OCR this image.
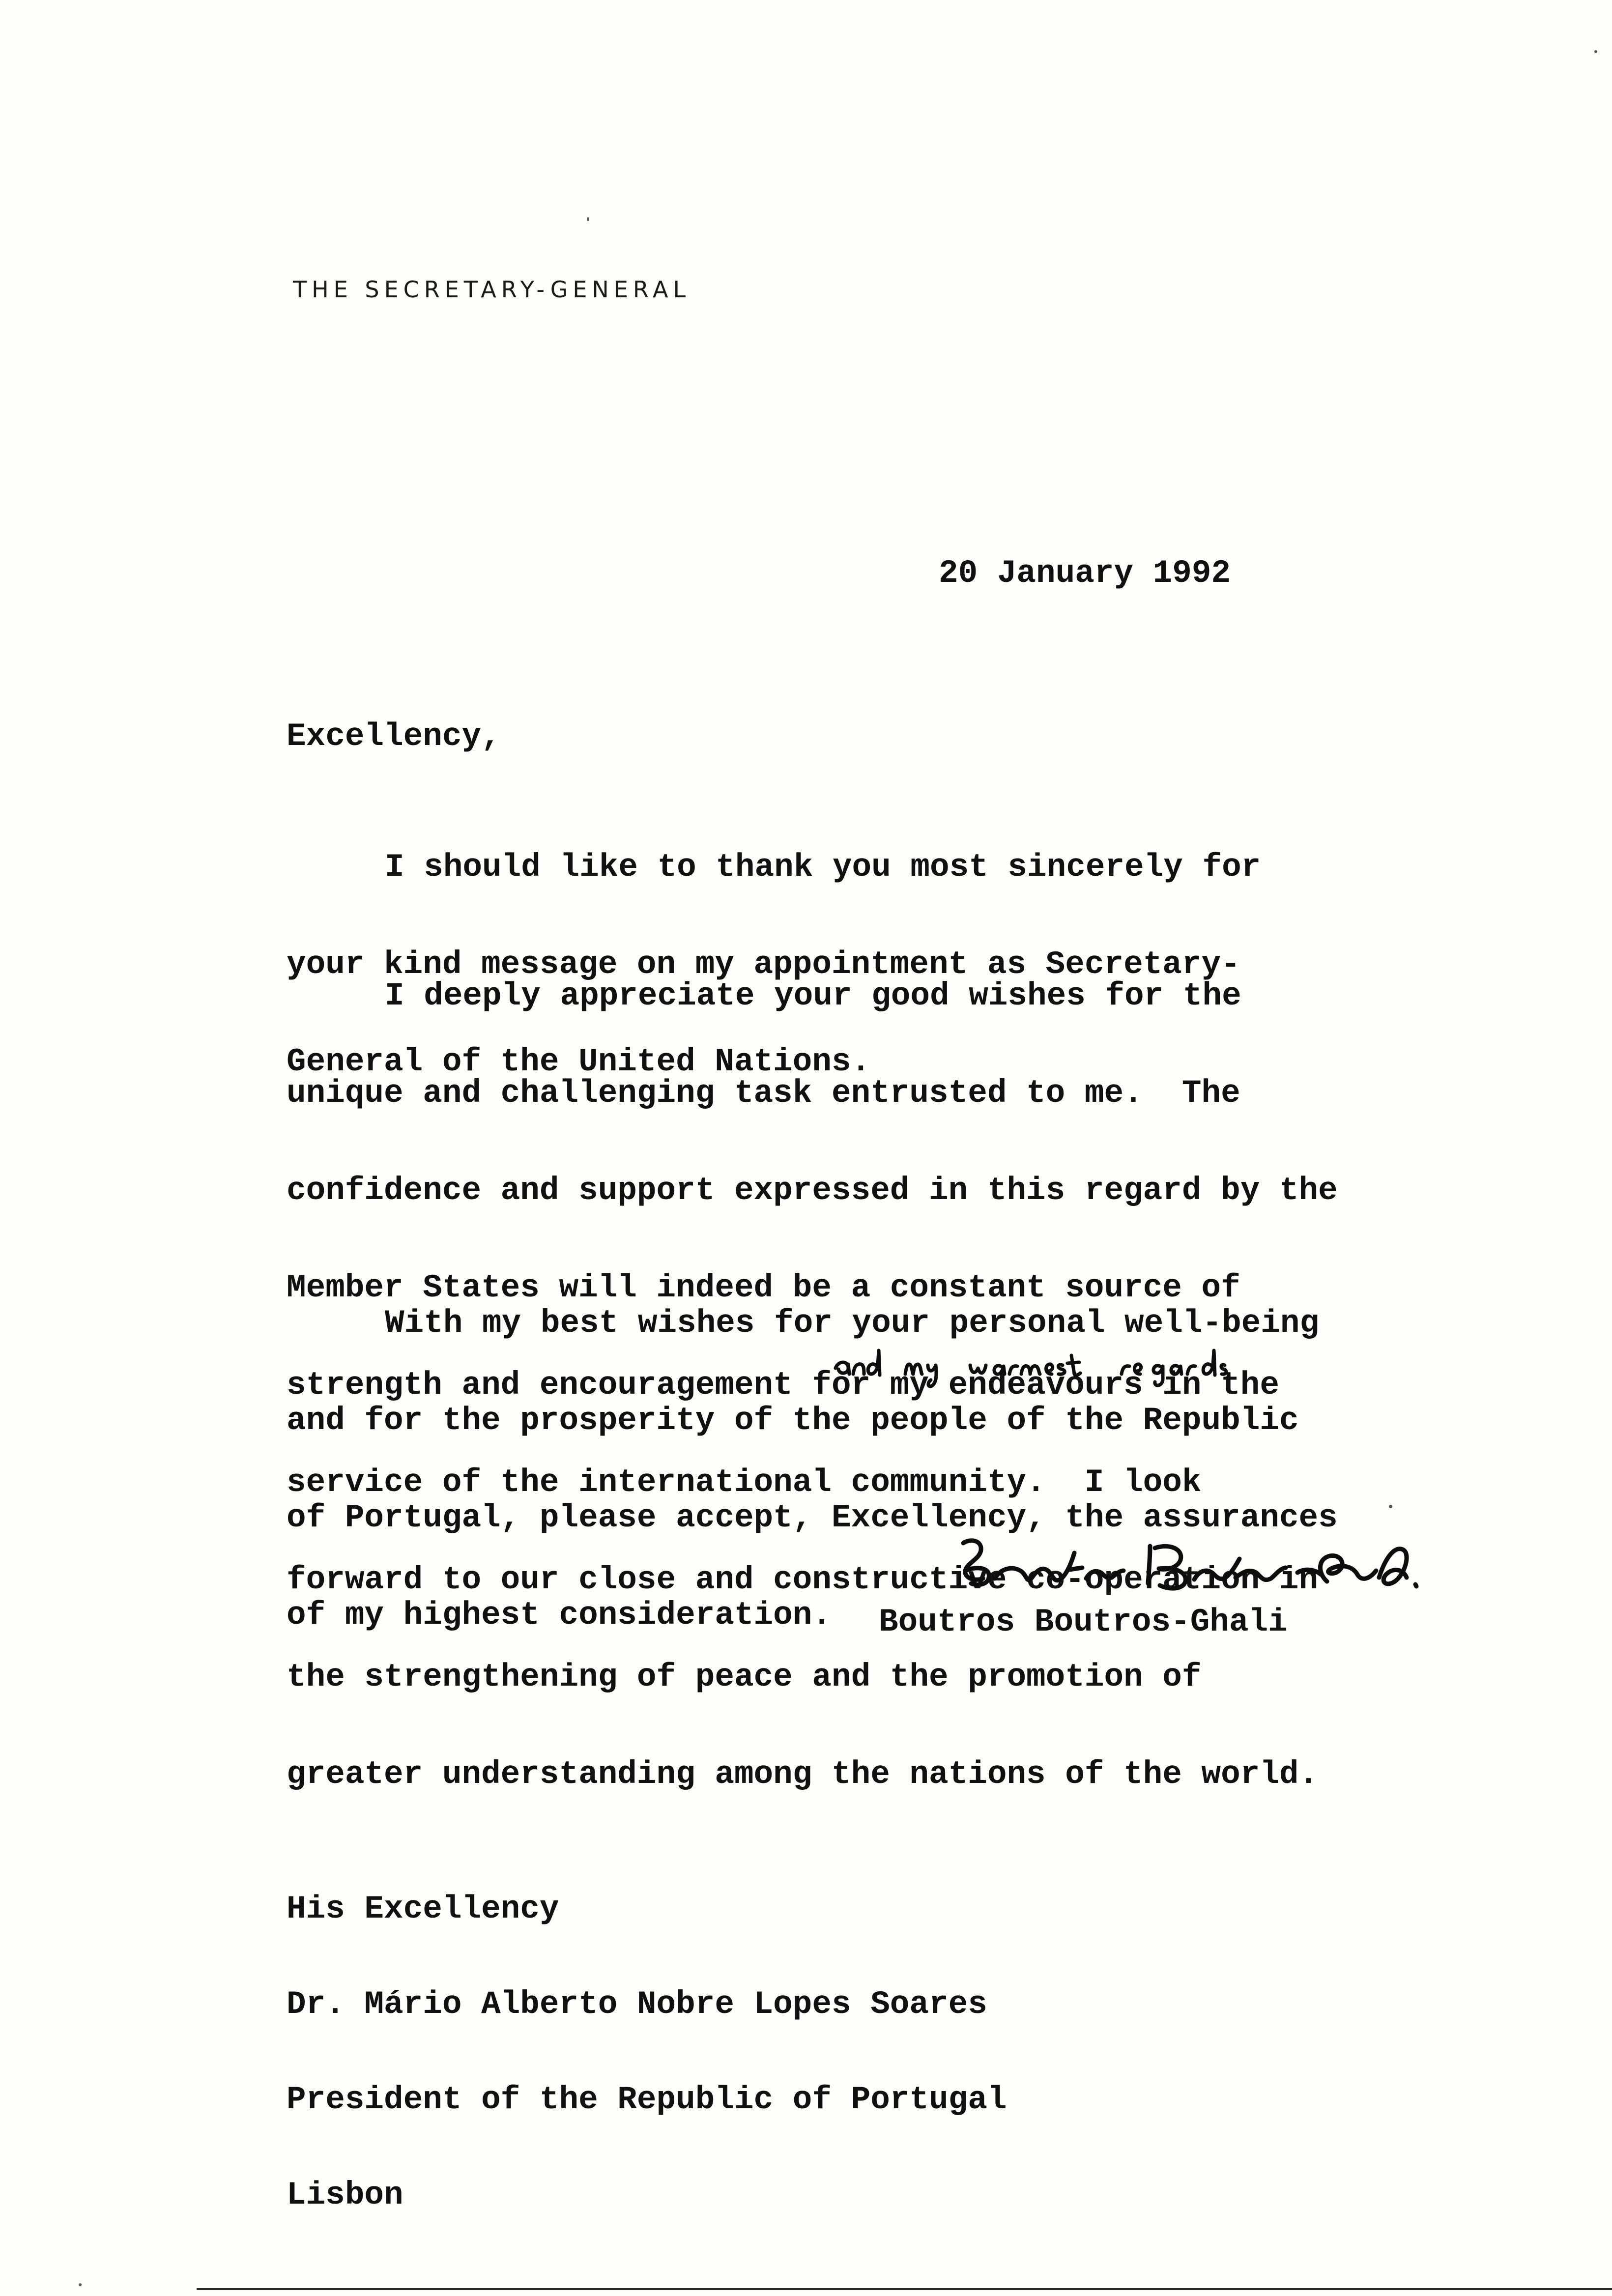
THE SECRETARY-GENERAL
20 January 1992
Excellency,

I should like to thank you most sincerely for

your kind message on my appointment as Secretary-

General of the United Nations.

I deeply appreciate your good wishes for the

unique and challenging task entrusted to me.  The

confidence and support expressed in this regard by the

Member States will indeed be a constant source of

strength and encouragement for my endeavours in the

service of the international community.  I look

forward to our close and constructive co-operation in

the strengthening of peace and the promotion of

greater understanding among the nations of the world.

With my best wishes for your personal well-being

and for the prosperity of the people of the Republic

of Portugal, please accept, Excellency, the assurances

of my highest consideration.

	Boutros Boutros-Ghali

His Excellency

Dr. Mário Alberto Nobre Lopes Soares

President of the Republic of Portugal

Lisbon
